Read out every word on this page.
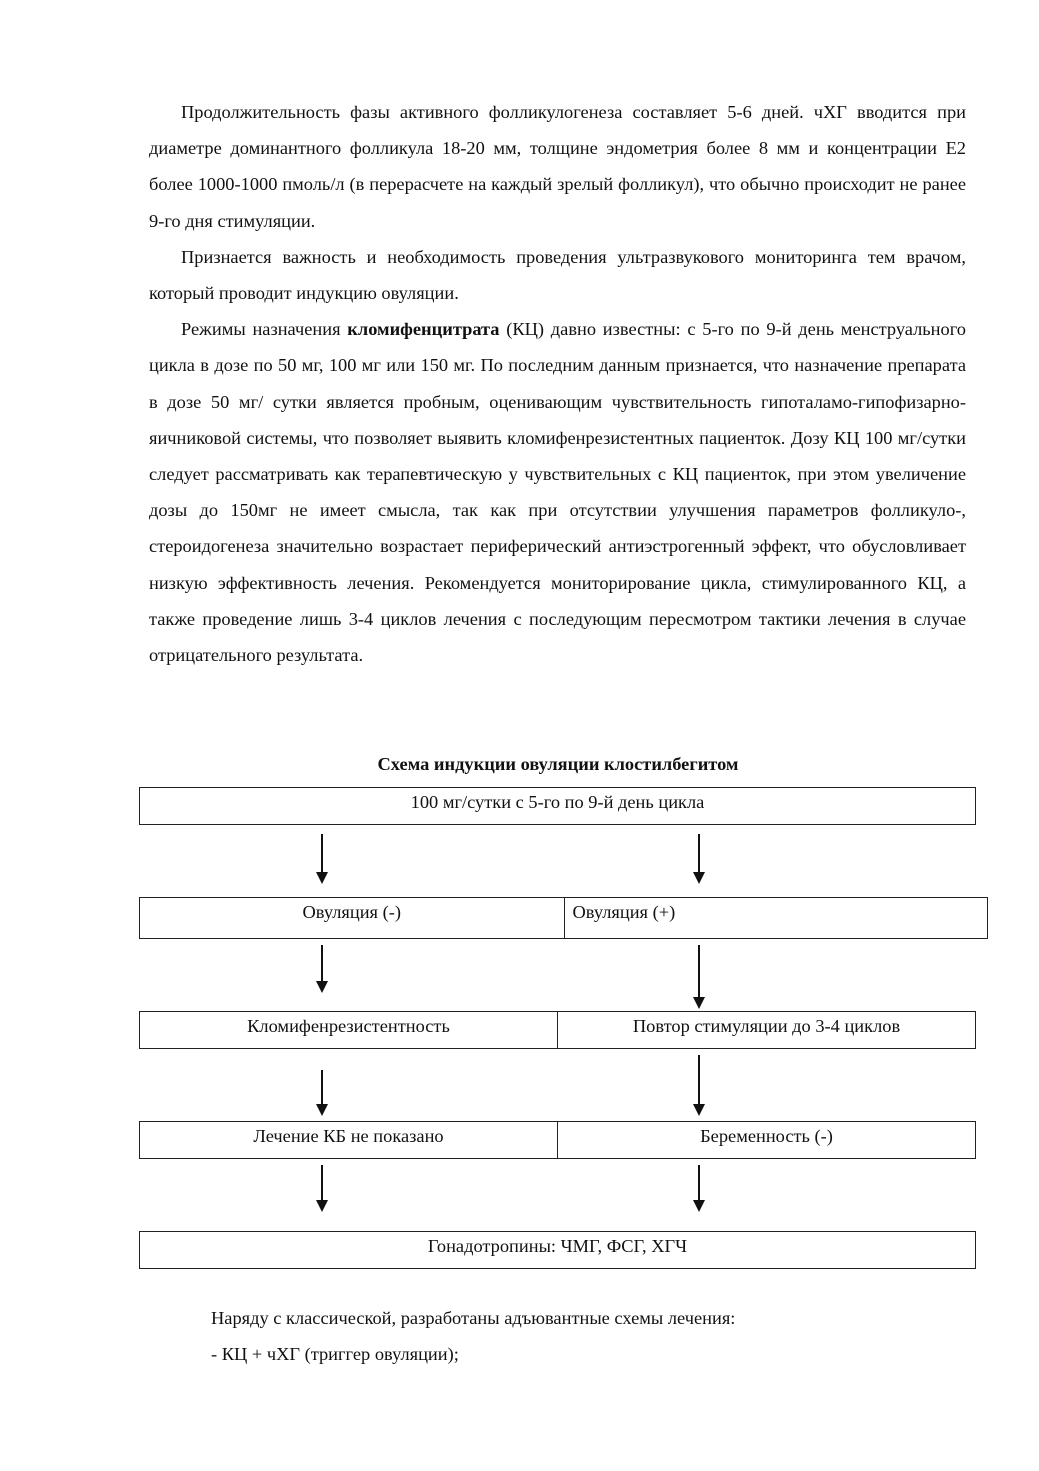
Продолжительность фазы активного фолликулогенеза составляет 5-6 дней. чХГ вводится при диаметре доминантного фолликула 18-20 мм, толщине эндометрия более 8 мм и концентрации Е2 более 1000-1000 пмоль/л (в перерасчете на каждый зрелый фолликул), что обычно происходит не ранее 9-го дня стимуляции.

Признается важность и необходимость проведения ультразвукового мониторинга тем врачом, который проводит индукцию овуляции.

Режимы назначения кломифенцитрата (КЦ) давно известны: с 5-го по 9-й день менструального цикла в дозе по 50 мг, 100 мг или 150 мг. По последним данным признается, что назначение препарата в дозе 50 мг/ сутки является пробным, оценивающим чувствительность гипоталамо-гипофизарно-яичниковой системы, что позволяет выявить кломифенрезистентных пациенток. Дозу КЦ 100 мг/сутки следует рассматривать как терапевтическую у чувствительных с КЦ пациенток, при этом увеличение дозы до 150мг не имеет смысла, так как при отсутствии улучшения параметров фолликуло-, стероидогенеза значительно возрастает периферический антиэстрогенный эффект, что обусловливает низкую эффективность лечения. Рекомендуется мониторирование цикла, стимулированного КЦ, а также проведение лишь 3-4 циклов лечения с последующим пересмотром тактики лечения в случае отрицательного результата.

Схема индукции овуляции клостилбегитом
100 мг/сутки с 5-го по 9-й день цикла
Овуляция (-)	Овуляция (+)
Кломифенрезистентность	Повтор стимуляции до 3-4 циклов
Лечение КБ не показано	Беременность (-)
Гонадотропины: ЧМГ, ФСГ, ХГЧ

Наряду с классической, разработаны адъювантные схемы лечения:

- КЦ + чХГ (триггер овуляции);
